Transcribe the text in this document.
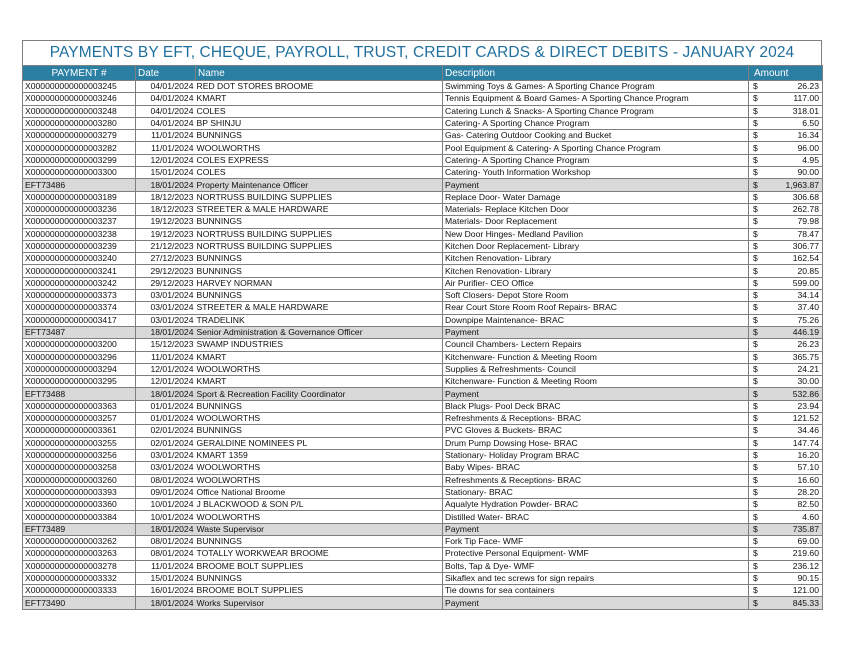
PAYMENTS BY EFT, CHEQUE, PAYROLL, TRUST, CREDIT CARDS & DIRECT DEBITS - JANUARY 2024
PAYMENT #	Date	Name	Description	Amount	
X000000000000003245	04/01/2024	RED DOT STORES BROOME	Swimming Toys & Games- A Sporting Chance Program	$	26.23
X000000000000003246	04/01/2024	KMART	Tennis Equipment & Board Games- A Sporting Chance Program	$	117.00
X000000000000003248	04/01/2024	COLES	Catering Lunch & Snacks- A Sporting Chance Program	$	318.01
X000000000000003280	04/01/2024	BP SHINJU	Catering- A Sporting Chance Program	$	6.50
X000000000000003279	11/01/2024	BUNNINGS	Gas- Catering Outdoor Cooking and Bucket	$	16.34
X000000000000003282	11/01/2024	WOOLWORTHS	Pool Equipment & Catering- A Sporting Chance Program	$	96.00
X000000000000003299	12/01/2024	COLES EXPRESS	Catering- A Sporting Chance Program	$	4.95
X000000000000003300	15/01/2024	COLES	Catering- Youth Information Workshop	$	90.00
EFT73486	18/01/2024	Property Maintenance Officer	Payment	$	1,963.87
X000000000000003189	18/12/2023	NORTRUSS BUILDING SUPPLIES	Replace Door- Water Damage	$	306.68
X000000000000003236	18/12/2023	STREETER & MALE HARDWARE	Materials- Replace Kitchen Door	$	262.78
X000000000000003237	19/12/2023	BUNNINGS	Materials- Door Replacement	$	79.98
X000000000000003238	19/12/2023	NORTRUSS BUILDING SUPPLIES	New Door Hinges- Medland Pavilion	$	78.47
X000000000000003239	21/12/2023	NORTRUSS BUILDING SUPPLIES	Kitchen Door Replacement- Library	$	306.77
X000000000000003240	27/12/2023	BUNNINGS	Kitchen Renovation- Library	$	162.54
X000000000000003241	29/12/2023	BUNNINGS	Kitchen Renovation- Library	$	20.85
X000000000000003242	29/12/2023	HARVEY NORMAN	Air Purifier- CEO Office	$	599.00
X000000000000003373	03/01/2024	BUNNINGS	Soft Closers- Depot Store Room	$	34.14
X000000000000003374	03/01/2024	STREETER & MALE HARDWARE	Rear Court Store Room Roof Repairs- BRAC	$	37.40
X000000000000003417	03/01/2024	TRADELINK	Downpipe Maintenance- BRAC	$	75.26
EFT73487	18/01/2024	Senior Administration & Governance Officer	Payment	$	446.19
X000000000000003200	15/12/2023	SWAMP INDUSTRIES	Council Chambers- Lectern Repairs	$	26.23
X000000000000003296	11/01/2024	KMART	Kitchenware- Function & Meeting Room	$	365.75
X000000000000003294	12/01/2024	WOOLWORTHS	Supplies & Refreshments- Council	$	24.21
X000000000000003295	12/01/2024	KMART	Kitchenware- Function & Meeting Room	$	30.00
EFT73488	18/01/2024	Sport & Recreation Facility Coordinator	Payment	$	532.86
X000000000000003363	01/01/2024	BUNNINGS	Black Plugs- Pool Deck BRAC	$	23.94
X000000000000003257	01/01/2024	WOOLWORTHS	Refreshments & Receptions- BRAC	$	121.52
X000000000000003361	02/01/2024	BUNNINGS	PVC Gloves & Buckets- BRAC	$	34.46
X000000000000003255	02/01/2024	GERALDINE NOMINEES PL	Drum Pump Dowsing Hose- BRAC	$	147.74
X000000000000003256	03/01/2024	KMART 1359	Stationary- Holiday Program BRAC	$	16.20
X000000000000003258	03/01/2024	WOOLWORTHS	Baby Wipes- BRAC	$	57.10
X000000000000003260	08/01/2024	WOOLWORTHS	Refreshments & Receptions- BRAC	$	16.60
X000000000000003393	09/01/2024	Office National Broome	Stationary- BRAC	$	28.20
X000000000000003360	10/01/2024	J BLACKWOOD & SON P/L	Aqualyte Hydration Powder- BRAC	$	82.50
X000000000000003384	10/01/2024	WOOLWORTHS	Distilled Water- BRAC	$	4.60
EFT73489	18/01/2024	Waste Supervisor	Payment	$	735.87
X000000000000003262	08/01/2024	BUNNINGS	Fork Tip Face- WMF	$	69.00
X000000000000003263	08/01/2024	TOTALLY WORKWEAR BROOME	Protective Personal Equipment- WMF	$	219.60
X000000000000003278	11/01/2024	BROOME BOLT SUPPLIES	Bolts, Tap & Dye- WMF	$	236.12
X000000000000003332	15/01/2024	BUNNINGS	Sikaflex and tec screws for sign repairs	$	90.15
X000000000000003333	16/01/2024	BROOME BOLT SUPPLIES	Tie downs for sea containers	$	121.00
EFT73490	18/01/2024	Works Supervisor	Payment	$	845.33
